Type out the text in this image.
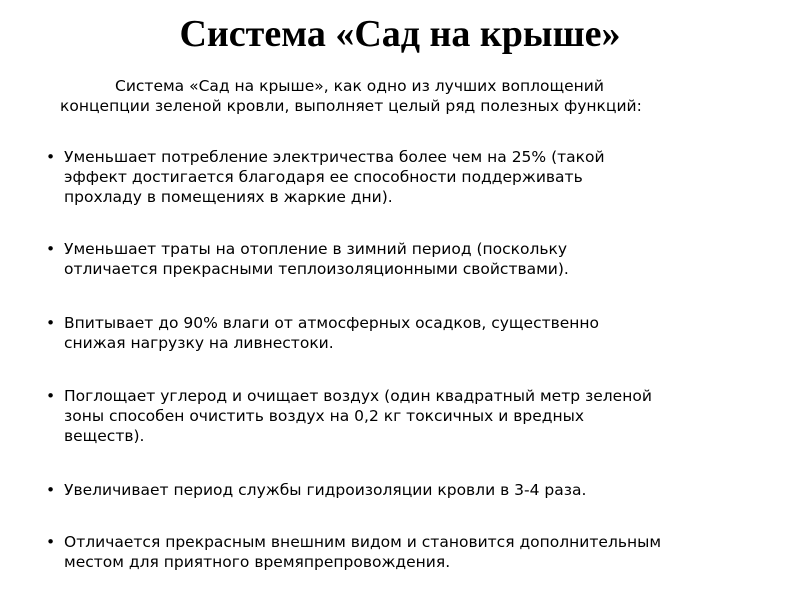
Система «Сад на крыше»
Система «Сад на крыше», как одно из лучших воплощений
концепции зеленой кровли, выполняет целый ряд полезных функций:
• Уменьшает потребление электричества более чем на 25% (такой
эффект достигается благодаря ее способности поддерживать
прохладу в помещениях в жаркие дни).
• Уменьшает траты на отопление в зимний период (поскольку
отличается прекрасными теплоизоляционными свойствами).
• Впитывает до 90% влаги от атмосферных осадков, существенно
снижая нагрузку на ливнестоки.
• Поглощает углерод и очищает воздух (один квадратный метр зеленой
зоны способен очистить воздух на 0,2 кг токсичных и вредных
веществ).
• Увеличивает период службы гидроизоляции кровли в 3-4 раза.
• Отличается прекрасным внешним видом и становится дополнительным
местом для приятного времяпрепровождения.
